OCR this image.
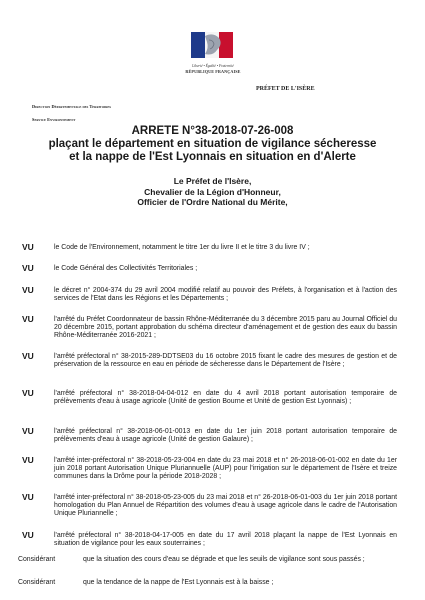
Liberté • Égalité • Fraternité
RÉPUBLIQUE FRANÇAISE
PRÉFET DE L'ISÈRE
Direction Départementale des Territoires
Service Environnement
ARRETE N°38-2018-07-26-008
plaçant le département en situation de vigilance sécheresse
et la nappe de l'Est Lyonnais en situation en d'Alerte
Le Préfet de l'Isère,
Chevalier de la Légion d'Honneur,
Officier de l'Ordre National du Mérite,
VU	le Code de l'Environnement, notamment le titre 1er du livre II et le titre 3 du livre IV ;
VU	le Code Général des Collectivités Territoriales ;
VU	le décret n° 2004-374 du 29 avril 2004 modifié relatif au pouvoir des Préfets, à l'organisation et à l'action des services de l'Etat dans les Régions et les Départements ;
VU	l'arrêté du Préfet Coordonnateur de bassin Rhône-Méditerranée du 3 décembre 2015 paru au Journal Officiel du 20 décembre 2015, portant approbation du schéma directeur d'aménagement et de gestion des eaux du bassin Rhône-Méditerranée 2016-2021 ;
VU	l'arrêté préfectoral n° 38-2015-289-DDTSE03 du 16 octobre 2015 fixant le cadre des mesures de gestion et de préservation de la ressource en eau en période de sécheresse dans le Département de l'Isère ;
VU	l'arrêté préfectoral n° 38-2018-04-04-012 en date du 4 avril 2018 portant autorisation temporaire de prélèvements d'eau à usage agricole (Unité de gestion Bourne et Unité de gestion Est Lyonnais) ;
VU	l'arrêté préfectoral n° 38-2018-06-01-0013 en date du 1er juin 2018 portant autorisation temporaire de prélèvements d'eau à usage agricole (Unité de gestion Galaure) ;
VU	l'arrêté inter-préfectoral n° 38-2018-05-23-004 en date du 23 mai 2018 et n° 26-2018-06-01-002 en date du 1er juin 2018 portant Autorisation Unique Pluriannuelle (AUP) pour l'irrigation sur le département de l'Isère et treize communes dans la Drôme pour la période 2018-2028 ;
VU	l'arrêté inter-préfectoral n° 38-2018-05-23-005 du 23 mai 2018 et n° 26-2018-06-01-003 du 1er juin 2018 portant homologation du Plan Annuel de Répartition des volumes d'eau à usage agricole dans le cadre de l'Autorisation Unique Pluriannelle ;
VU	l'arrêté préfectoral n° 38-2018-04-17-005 en date du 17 avril 2018 plaçant la nappe de l'Est Lyonnais en situation de vigilance pour les eaux souterraines ;
Considérant	que la situation des cours d'eau se dégrade et que les seuils de vigilance sont sous passés ;
Considérant	que la tendance de la nappe de l'Est Lyonnais est à la baisse ;
